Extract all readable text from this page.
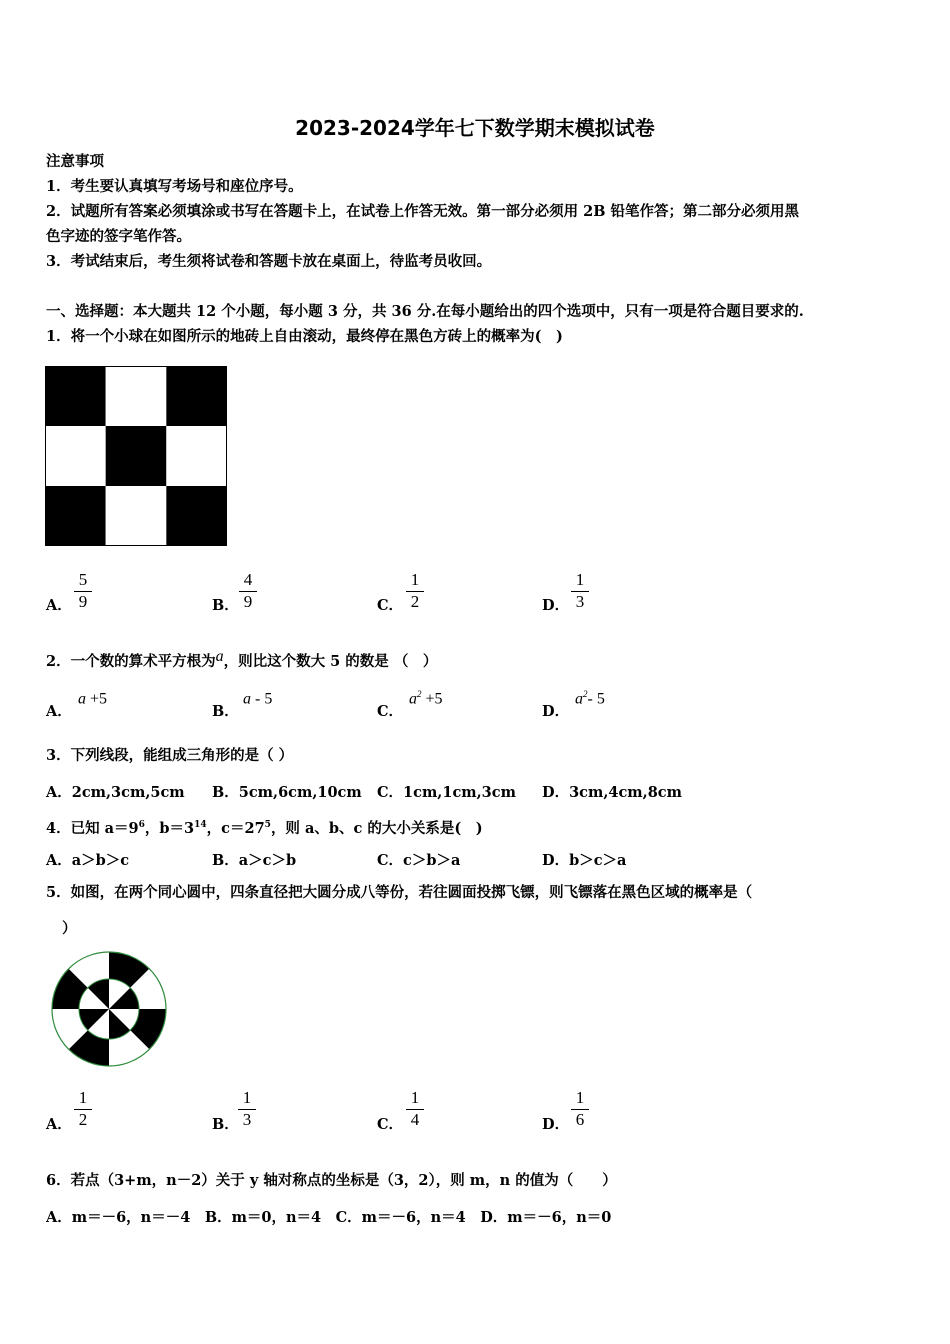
2023-2024学年七下数学期末模拟试卷
注意事项
1．考生要认真填写考场号和座位序号。
2．试题所有答案必须填涂或书写在答题卡上，在试卷上作答无效。第一部分必须用 2B 铅笔作答；第二部分必须用黑
色字迹的签字笔作答。
3．考试结束后，考生须将试卷和答题卡放在桌面上，待监考员收回。
一、选择题：本大题共 12 个小题，每小题 3 分，共 36 分.在每小题给出的四个选项中，只有一项是符合题目要求的.
1．将一个小球在如图所示的地砖上自由滚动，最终停在黑色方砖上的概率为(　)
A．
5
9	B．
4
9	C．
1
2	D．
1
3
2．一个数的算术平方根为a，则比这个数大 5 的数是 （　）
A．
a +5
B．
a - 5
C．
$a^2 +5$
D．
$a^2-$ 5
3．下列线段，能组成三角形的是（ ）
A．2cm,3cm,5cm B．5cm,6cm,10cm C．1cm,1cm,3cm D．3cm,4cm,8cm
4．已知 $a=9^6$，$b=3^{14}$，$c=27^5$，则 a、b、c 的大小关系是(　)
A．a＞b＞c	B．a＞c＞b	C．c＞b＞a	D．b＞c＞a
5．如图，在两个同心圆中，四条直径把大圆分成八等份，若往圆面投掷飞镖，则飞镖落在黑色区域的概率是（
）
A．
1
2	B．
1
3	C．
1
4	D．
1
6
6．若点（3+m，n－2）关于 y 轴对称点的坐标是（3，2），则 m，n 的值为（　　）
A．m＝－6，n＝－4　B．m＝0，n＝4　C．m＝－6，n＝4　D．m＝－6，n＝0
